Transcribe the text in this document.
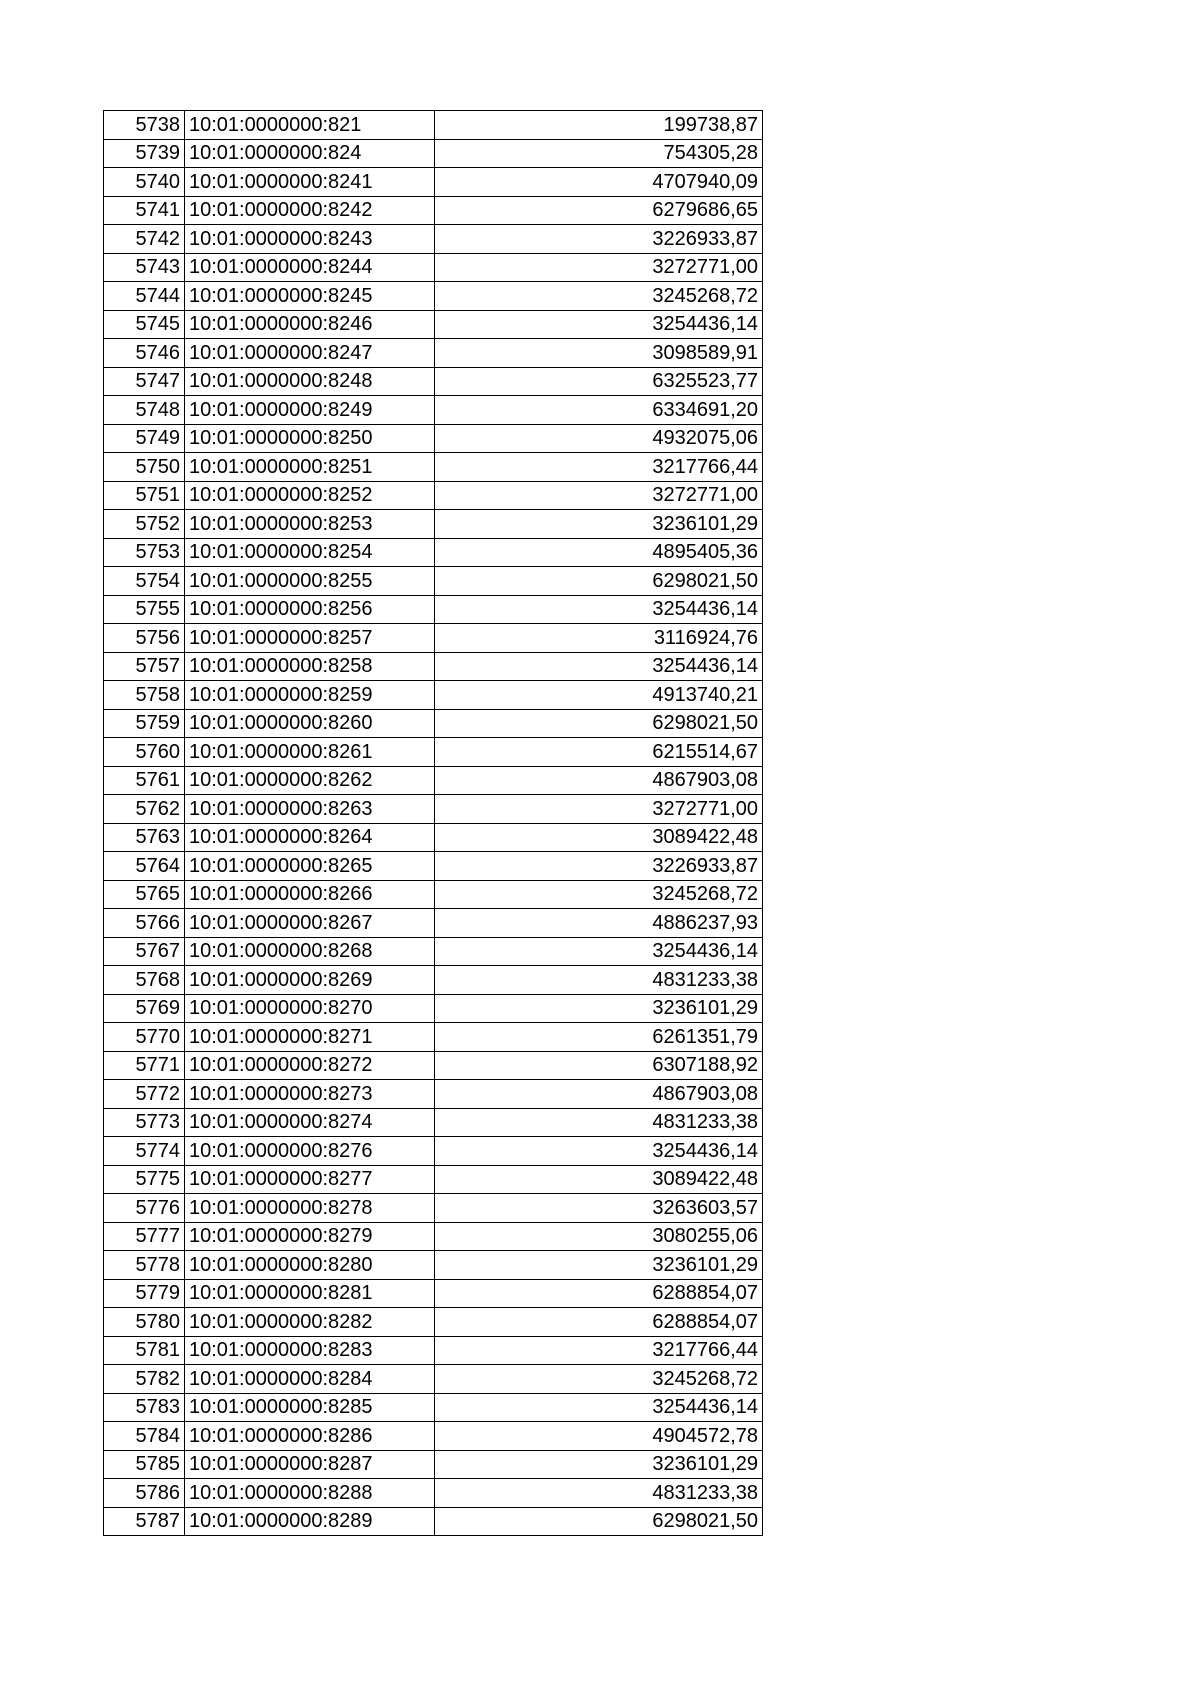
5738	10:01:0000000:821	199738,87
5739	10:01:0000000:824	754305,28
5740	10:01:0000000:8241	4707940,09
5741	10:01:0000000:8242	6279686,65
5742	10:01:0000000:8243	3226933,87
5743	10:01:0000000:8244	3272771,00
5744	10:01:0000000:8245	3245268,72
5745	10:01:0000000:8246	3254436,14
5746	10:01:0000000:8247	3098589,91
5747	10:01:0000000:8248	6325523,77
5748	10:01:0000000:8249	6334691,20
5749	10:01:0000000:8250	4932075,06
5750	10:01:0000000:8251	3217766,44
5751	10:01:0000000:8252	3272771,00
5752	10:01:0000000:8253	3236101,29
5753	10:01:0000000:8254	4895405,36
5754	10:01:0000000:8255	6298021,50
5755	10:01:0000000:8256	3254436,14
5756	10:01:0000000:8257	3116924,76
5757	10:01:0000000:8258	3254436,14
5758	10:01:0000000:8259	4913740,21
5759	10:01:0000000:8260	6298021,50
5760	10:01:0000000:8261	6215514,67
5761	10:01:0000000:8262	4867903,08
5762	10:01:0000000:8263	3272771,00
5763	10:01:0000000:8264	3089422,48
5764	10:01:0000000:8265	3226933,87
5765	10:01:0000000:8266	3245268,72
5766	10:01:0000000:8267	4886237,93
5767	10:01:0000000:8268	3254436,14
5768	10:01:0000000:8269	4831233,38
5769	10:01:0000000:8270	3236101,29
5770	10:01:0000000:8271	6261351,79
5771	10:01:0000000:8272	6307188,92
5772	10:01:0000000:8273	4867903,08
5773	10:01:0000000:8274	4831233,38
5774	10:01:0000000:8276	3254436,14
5775	10:01:0000000:8277	3089422,48
5776	10:01:0000000:8278	3263603,57
5777	10:01:0000000:8279	3080255,06
5778	10:01:0000000:8280	3236101,29
5779	10:01:0000000:8281	6288854,07
5780	10:01:0000000:8282	6288854,07
5781	10:01:0000000:8283	3217766,44
5782	10:01:0000000:8284	3245268,72
5783	10:01:0000000:8285	3254436,14
5784	10:01:0000000:8286	4904572,78
5785	10:01:0000000:8287	3236101,29
5786	10:01:0000000:8288	4831233,38
5787	10:01:0000000:8289	6298021,50
